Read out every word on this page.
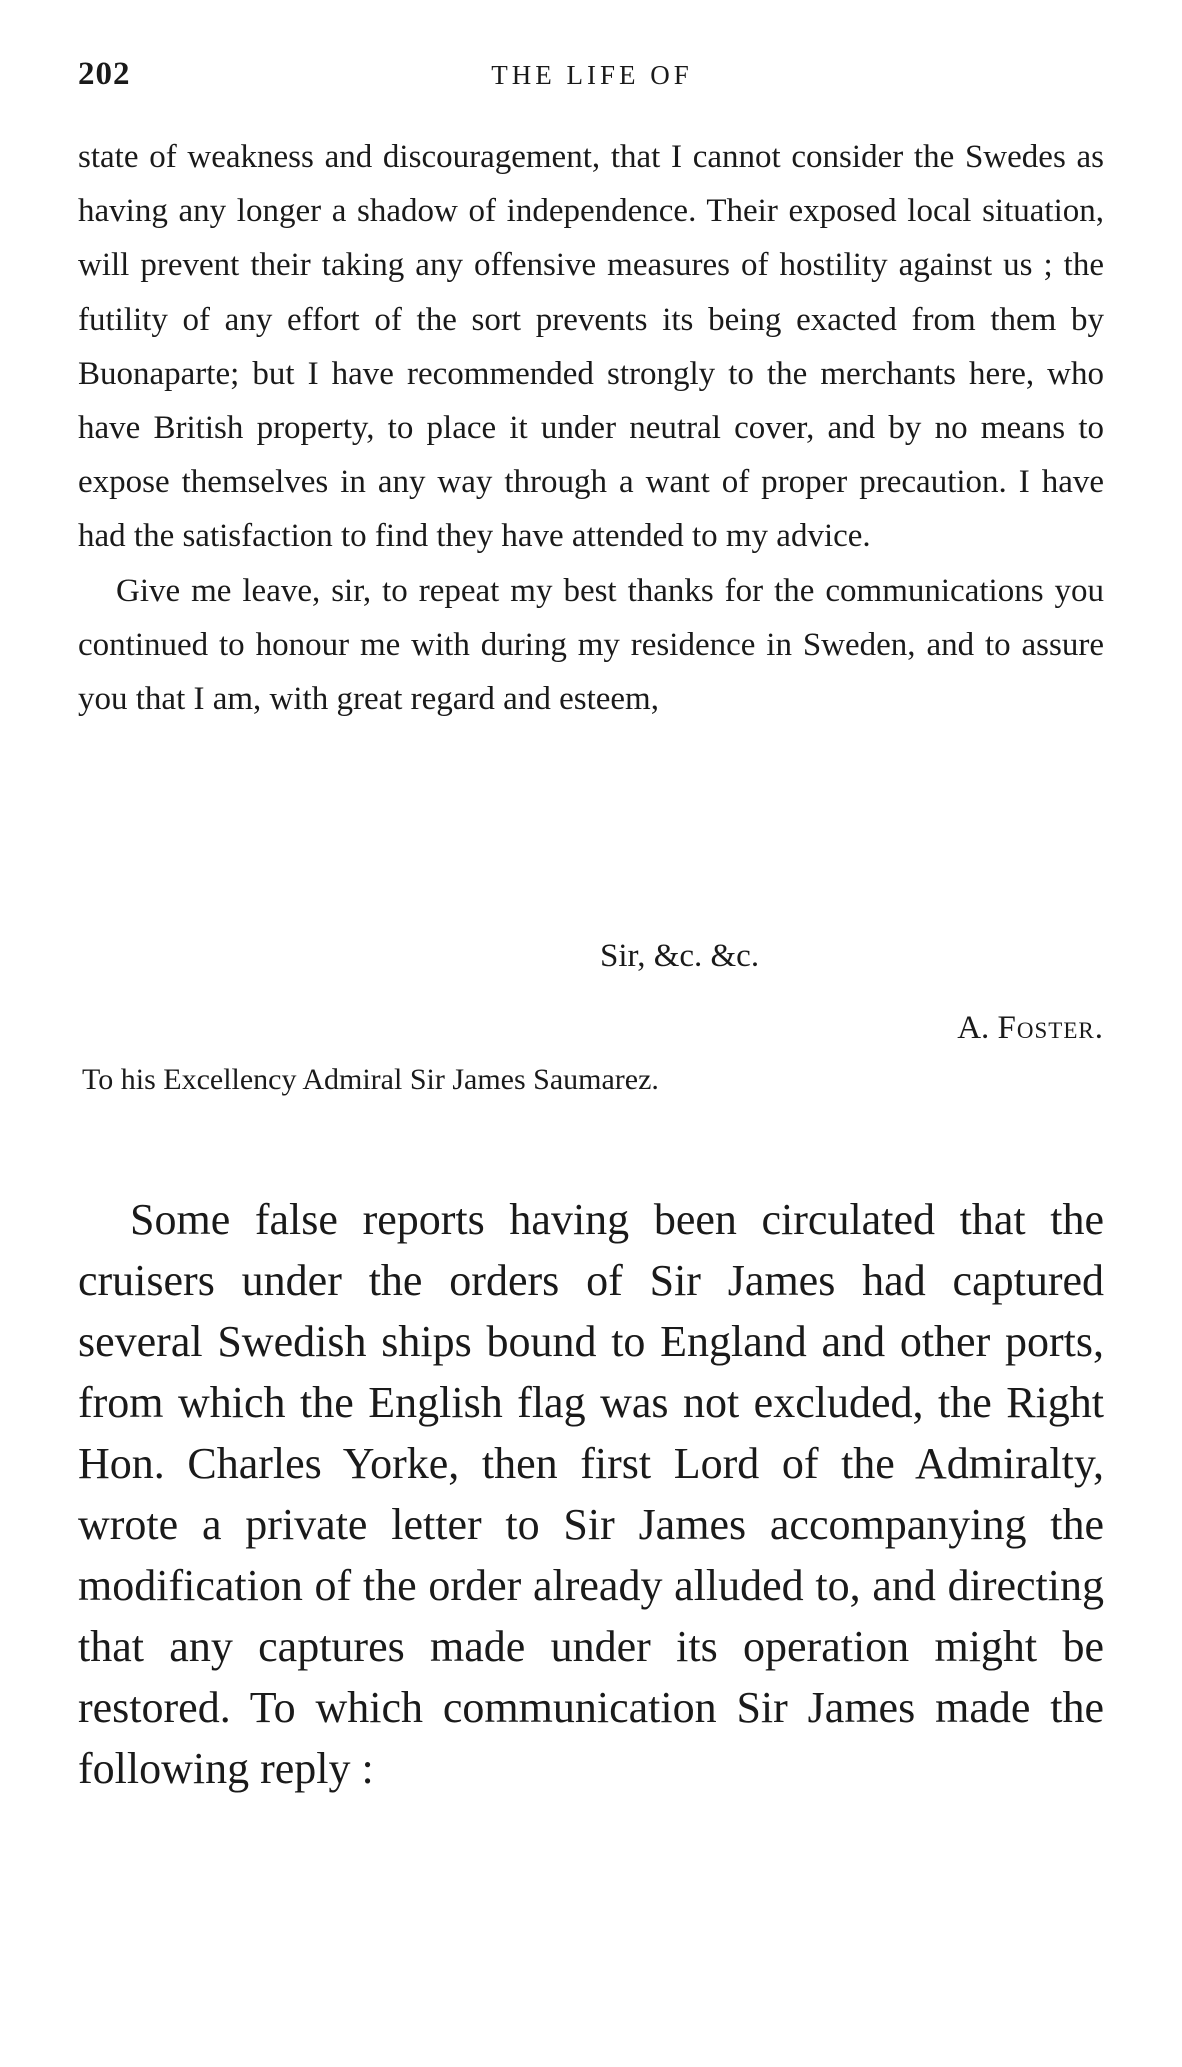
202	THE LIFE OF

state of weakness and discouragement, that I cannot consider the Swedes as having any longer a shadow of independence. Their exposed local situation, will prevent their taking any offensive measures of hostility against us ; the futility of any effort of the sort prevents its being exacted from them by Buonaparte; but I have recommended strongly to the merchants here, who have British property, to place it under neutral cover, and by no means to expose themselves in any way through a want of proper precaution. I have had the satisfaction to find they have attended to my advice.

Give me leave, sir, to repeat my best thanks for the communications you continued to honour me with during my residence in Sweden, and to assure you that I am, with great regard and esteem,

Sir, &c. &c.
A. Foster.
To his Excellency Admiral Sir James Saumarez.

Some false reports having been circulated that the cruisers under the orders of Sir James had captured several Swedish ships bound to England and other ports, from which the English flag was not excluded, the Right Hon. Charles Yorke, then first Lord of the Admiralty, wrote a private letter to Sir James accompanying the modification of the order already alluded to, and directing that any captures made under its operation might be restored. To which communication Sir James made the following reply :
